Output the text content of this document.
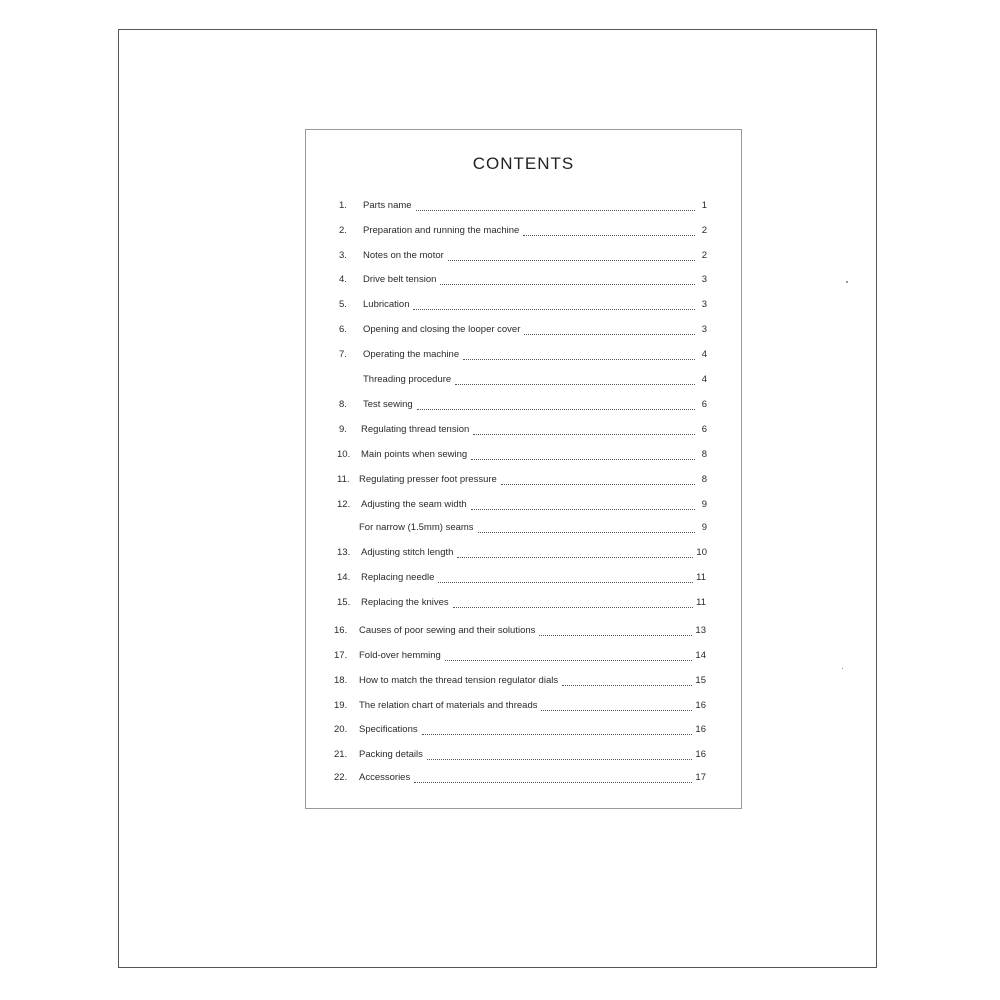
CONTENTS
1.	Parts name	1
2.	Preparation and running the machine	2
3.	Notes on the motor	2
4.	Drive belt tension	3
5.	Lubrication	3
6.	Opening and closing the looper cover	3
7.	Operating the machine	4
Threading procedure	4
8.	Test sewing	6
9.	Regulating thread tension	6
10.	Main points when sewing	8
11. Regulating presser foot pressure	8
12.	Adjusting the seam width	9
For narrow (1.5mm) seams	9
13.	Adjusting stitch length	10
14.	Replacing needle	11
15.	Replacing the knives	11
16.	Causes of poor sewing and their solutions	13
17.	Fold-over hemming	14
18.	How to match the thread tension regulator dials	15
19.	The relation chart of materials and threads	16
20.	Specifications	16
21.	Packing details	16
22.	Accessories	17
